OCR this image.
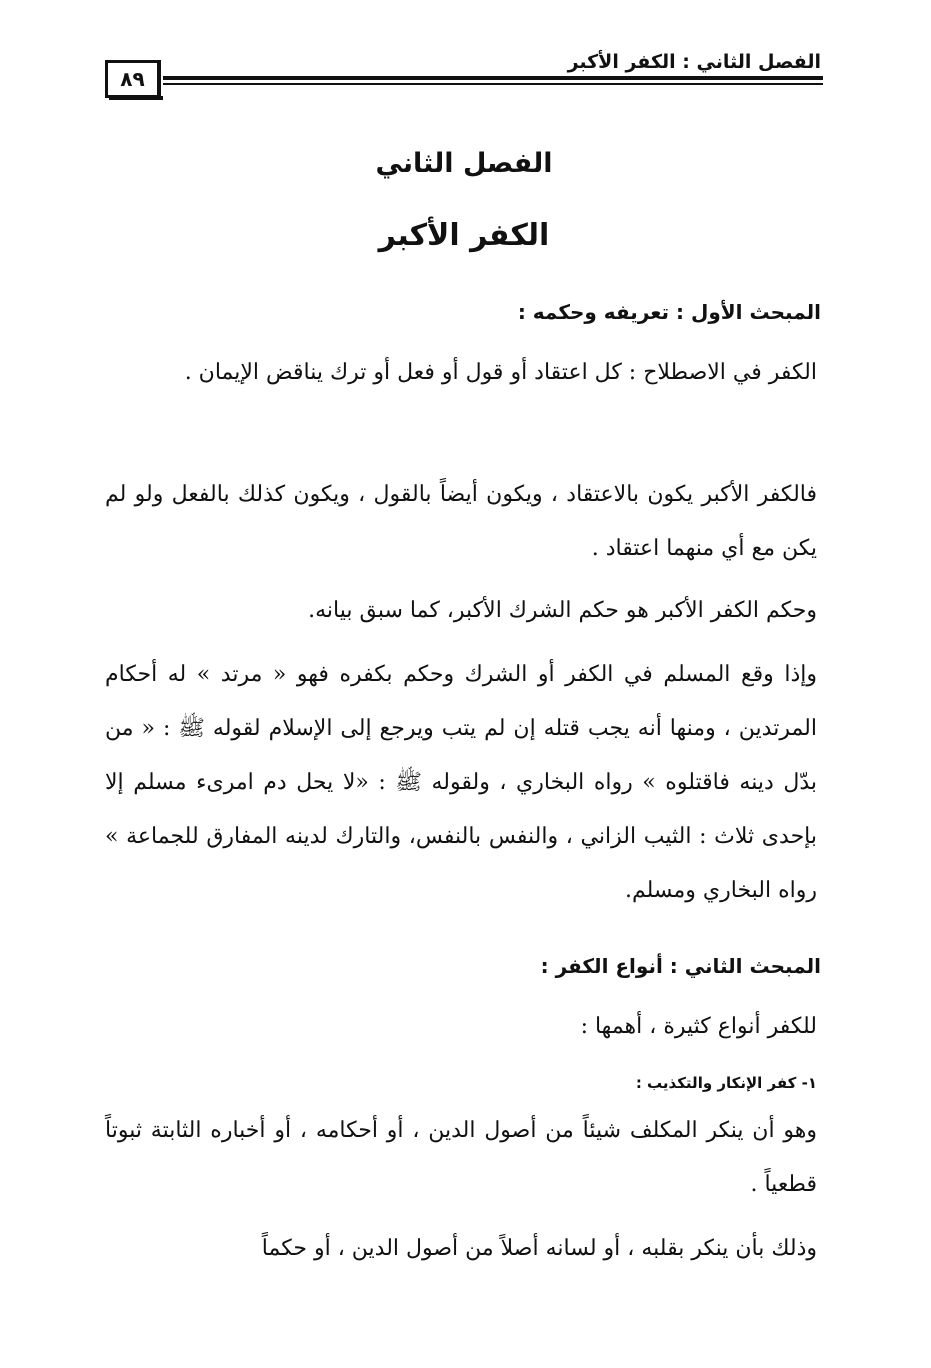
الفصل الثاني : الكفر الأكبر
٨٩
الفصل الثاني
الكفر الأكبر
المبحث الأول : تعريفه وحكمه :

الكفر في الاصطلاح : كل اعتقاد أو قول أو فعل أو ترك يناقض الإيمان .

فالكفر الأكبر يكون بالاعتقاد ، ويكون أيضاً بالقول ، ويكون كذلك بالفعل ولو لم يكن مع أي منهما اعتقاد .

وحكم الكفر الأكبر هو حكم الشرك الأكبر، كما سبق بيانه.

وإذا وقع المسلم في الكفر أو الشرك وحكم بكفره فهو « مرتد » له أحكام المرتدين ، ومنها أنه يجب قتله إن لم يتب ويرجع إلى الإسلام لقوله ﷺ : « من بدّل دينه فاقتلوه » رواه البخاري ، ولقوله ﷺ : «لا يحل دم امرىء مسلم إلا بإحدى ثلاث : الثيب الزاني ، والنفس بالنفس، والتارك لدينه المفارق للجماعة » رواه البخاري ومسلم.

المبحث الثاني : أنواع الكفر :

للكفر أنواع كثيرة ، أهمها :

١- كفر الإنكار والتكذيب :

وهو أن ينكر المكلف شيئاً من أصول الدين ، أو أحكامه ، أو أخباره الثابتة ثبوتاً قطعياً .

وذلك بأن ينكر بقلبه ، أو لسانه أصلاً من أصول الدين ، أو حكماً
